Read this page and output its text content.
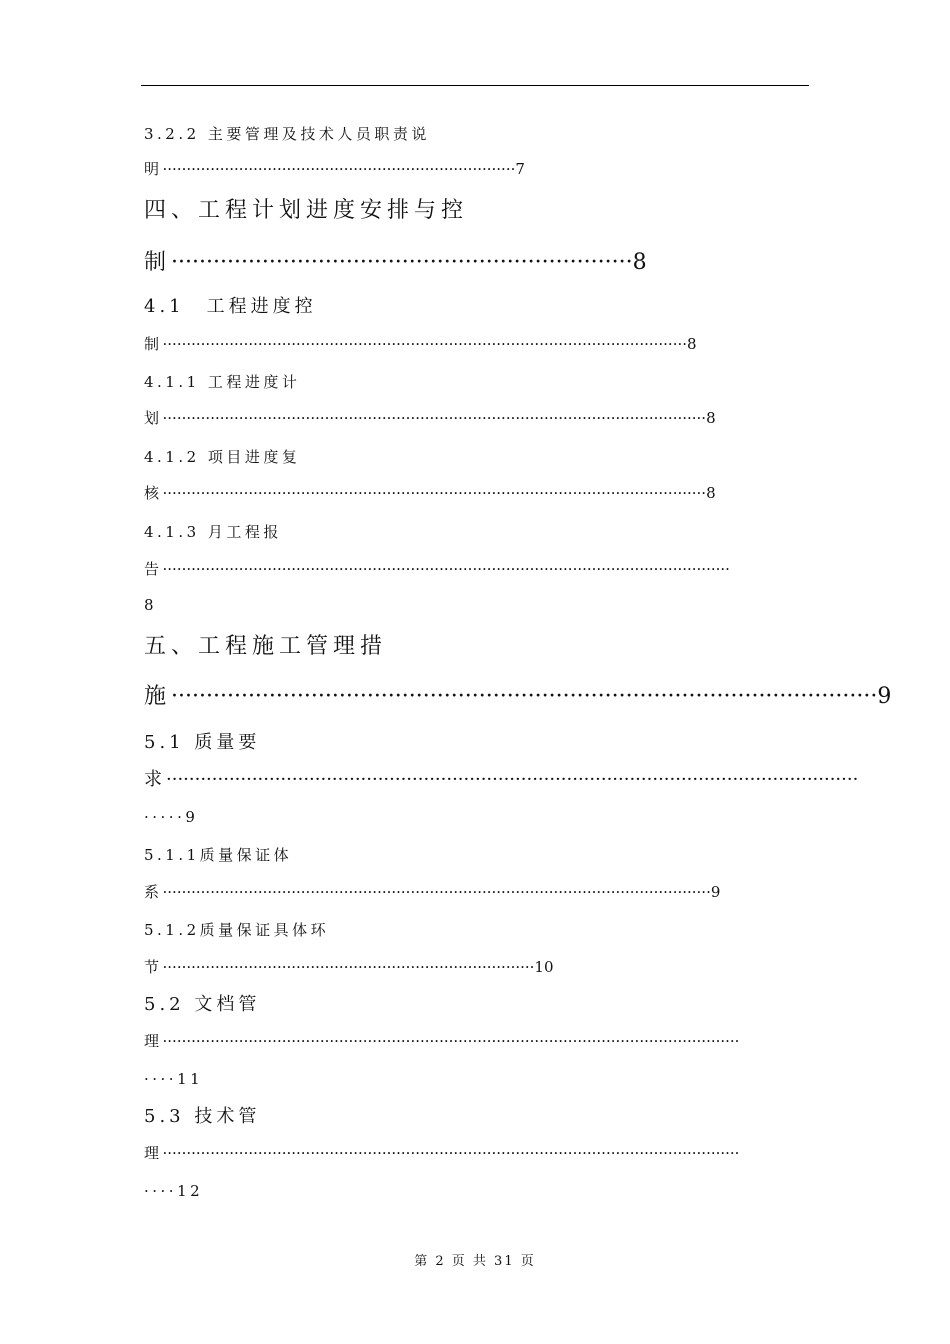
3.2.2 主要管理及技术人员职责说
明··········································································7
四、工程计划进度安排与控
制··································································8
4.1　工程进度控
制··············································································································8
4.1.1 工程进度计
划··················································································································8
4.1.2 项目进度复
核··················································································································8
4.1.3 月工程报
告·······················································································································
8
五、工程施工管理措
施·····································································································9
5.1 质量要
求·························································································································
·····9
5.1.1质量保证体
系···················································································································9
5.1.2质量保证具体环
节··············································································10
5.2 文档管
理·························································································································
····11
5.3 技术管
理·························································································································
····12
第 2 页 共 31 页
